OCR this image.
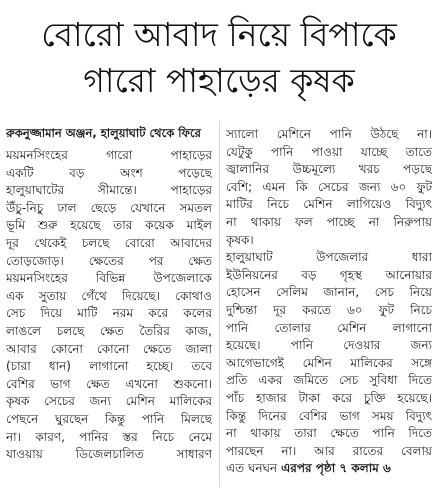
বোরো আবাদ নিয়ে বিপাকে
গারো পাহাড়ের কৃষক
রুকনুজ্জামান অঞ্জন, হালুয়াঘাট থেকে ফিরে
ময়মনসিংহের গারো পাহাড়ের
একটি বড় অংশ পড়েছে
হালুয়াঘাটের সীমান্তে। পাহাড়ের
উঁচু-নিচু ঢাল ছেড়ে যেখানে সমতল
ভূমি শুরু হয়েছে তার কয়েক মাইল
দূর থেকেই চলছে বোরো আবাদের
তোড়জোড়। ক্ষেতের পর ক্ষেত
ময়মনসিংহের বিভিন্ন উপজেলাকে
এক সুতায় গেঁথে দিয়েছে। কোথাও
সেচ দিয়ে মাটি নরম করে কলের
লাঙলে চলছে ক্ষেত তৈরির কাজ,
আবার কোনো কোনো ক্ষেতে জালা
(চারা ধান) লাগানো হচ্ছে। তবে
বেশির ভাগ ক্ষেত এখনো শুকনো।
কৃষক সেচের জন্য মেশিন মালিকের
পেছনে ঘুরছেন কিন্তু পানি মিলছে
না। কারণ, পানির স্তর নিচে নেমে
যাওয়ায় ডিজেলচালিত সাধারণ
স্যালো মেশিনে পানি উঠছে না।
যেটুকু পানি পাওয়া যাচ্ছে তাতে
জ্বালানির উচ্চমূল্যে খরচ পড়ছে
বেশি; এমন কি সেচের জন্য ৬০ ফুট
মাটির নিচে মেশিন লাগিয়েও বিদ্যুৎ
না থাকায় ফল পাচ্ছে না নিরুপায়
কৃষক।
হালুয়াঘাট উপজেলার ধারা
ইউনিয়নের বড় গৃহস্থ আনোয়ার
হোসেন সেলিম জানান, সেচ নিয়ে
দুশ্চিন্তা দূর করতে ৬০ ফুট নিচে
পানি তোলার মেশিন লাগানো
হয়েছে। পানি দেওয়ার জন্য
আগেভাগেই মেশিন মালিকের সঙ্গে
প্রতি একর জমিতে সেচ সুবিধা দিতে
পাঁচ হাজার টাকা করে চুক্তি হয়েছে।
কিন্তু দিনের বেশির ভাগ সময় বিদ্যুৎ
না থাকায় তারা ক্ষেতে পানি দিতে
পারছেন না। আর রাতের বেলায়
এত ঘনঘন এরপর পৃষ্ঠা ৭ কলাম ৬
